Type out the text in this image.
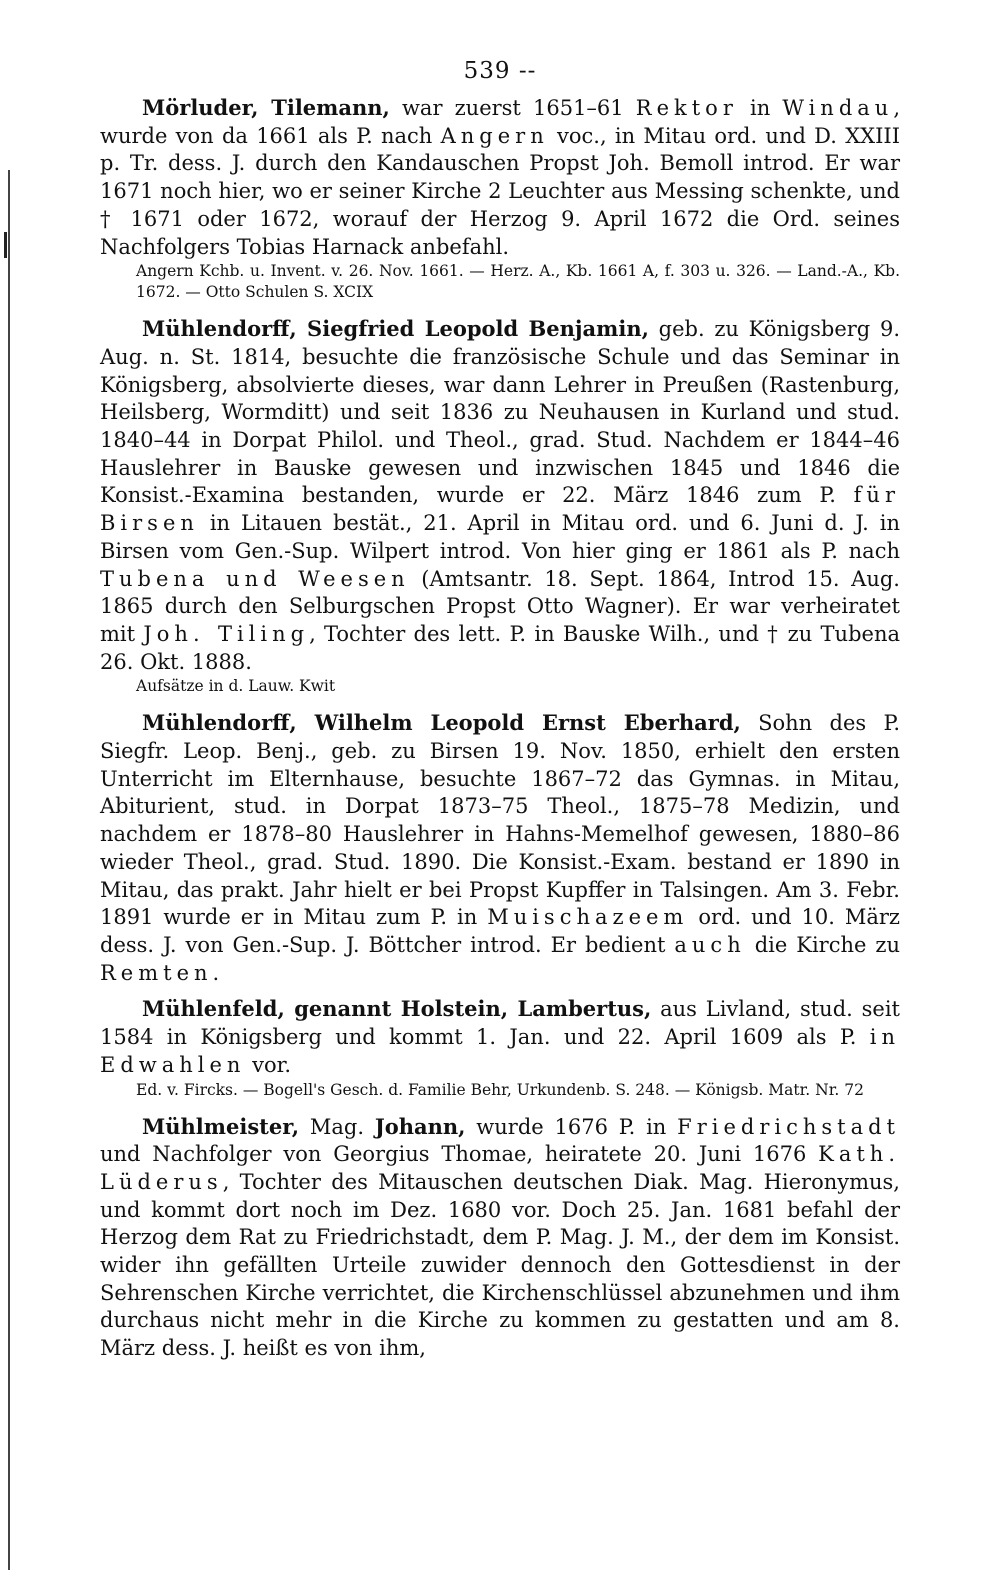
539 --

Mörluder, Tilemann, war zuerst 1651–61 Rektor in Windau, wurde von da 1661 als P. nach Angern voc., in Mitau ord. und D. XXIII p. Tr. dess. J. durch den Kandauschen Propst Joh. Bemoll introd. Er war 1671 noch hier, wo er seiner Kirche 2 Leuchter aus Messing schenkte, und † 1671 oder 1672, worauf der Herzog 9. April 1672 die Ord. seines Nachfolgers Tobias Harnack anbefahl.

Angern Kchb. u. Invent. v. 26. Nov. 1661. — Herz. A., Kb. 1661 A, f. 303 u. 326. — Land.-A., Kb. 1672. — Otto Schulen S. XCIX

Mühlendorff, Siegfried Leopold Benjamin, geb. zu Königsberg 9. Aug. n. St. 1814, besuchte die französische Schule und das Seminar in Königsberg, absolvierte dieses, war dann Lehrer in Preußen (Rastenburg, Heilsberg, Wormditt) und seit 1836 zu Neuhausen in Kurland und stud. 1840–44 in Dorpat Philol. und Theol., grad. Stud. Nachdem er 1844–46 Hauslehrer in Bauske gewesen und inzwischen 1845 und 1846 die Konsist.-Examina bestanden, wurde er 22. März 1846 zum P. für Birsen in Litauen bestät., 21. April in Mitau ord. und 6. Juni d. J. in Birsen vom Gen.-Sup. Wilpert introd. Von hier ging er 1861 als P. nach Tubena und Weesen (Amtsantr. 18. Sept. 1864, Introd 15. Aug. 1865 durch den Selburgschen Propst Otto Wagner). Er war verheiratet mit Joh. Tiling, Tochter des lett. P. in Bauske Wilh., und † zu Tubena 26. Okt. 1888.

Aufsätze in d. Lauw. Kwit

Mühlendorff, Wilhelm Leopold Ernst Eberhard, Sohn des P. Siegfr. Leop. Benj., geb. zu Birsen 19. Nov. 1850, erhielt den ersten Unterricht im Elternhause, besuchte 1867–72 das Gymnas. in Mitau, Abiturient, stud. in Dorpat 1873–75 Theol., 1875–78 Medizin, und nachdem er 1878–80 Hauslehrer in Hahns-Memelhof gewesen, 1880–86 wieder Theol., grad. Stud. 1890. Die Konsist.-Exam. bestand er 1890 in Mitau, das prakt. Jahr hielt er bei Propst Kupffer in Talsingen. Am 3. Febr. 1891 wurde er in Mitau zum P. in Muischazeem ord. und 10. März dess. J. von Gen.-Sup. J. Böttcher introd. Er bedient auch die Kirche zu Remten.

Mühlenfeld, genannt Holstein, Lambertus, aus Livland, stud. seit 1584 in Königsberg und kommt 1. Jan. und 22. April 1609 als P. in Edwahlen vor.

Ed. v. Fircks. — Bogell's Gesch. d. Familie Behr, Urkundenb. S. 248. — Königsb. Matr. Nr. 72

Mühlmeister, Mag. Johann, wurde 1676 P. in Friedrichstadt und Nachfolger von Georgius Thomae, heiratete 20. Juni 1676 Kath. Lüderus, Tochter des Mitauschen deutschen Diak. Mag. Hieronymus, und kommt dort noch im Dez. 1680 vor. Doch 25. Jan. 1681 befahl der Herzog dem Rat zu Friedrichstadt, dem P. Mag. J. M., der dem im Konsist. wider ihn gefällten Urteile zuwider dennoch den Gottesdienst in der Sehrenschen Kirche verrichtet, die Kirchenschlüssel abzunehmen und ihm durchaus nicht mehr in die Kirche zu kommen zu gestatten und am 8. März dess. J. heißt es von ihm,
